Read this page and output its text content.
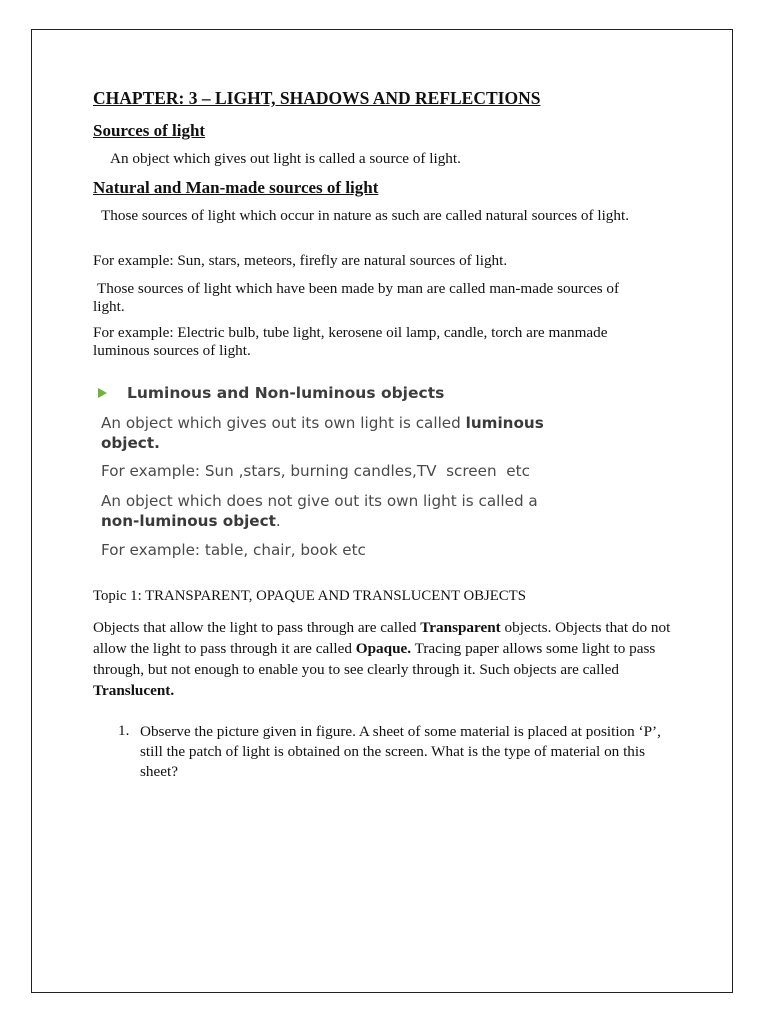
CHAPTER: 3 – LIGHT, SHADOWS AND REFLECTIONS
Sources of light

An object which gives out light is called a source of light.

Natural and Man-made sources of light

Those sources of light which occur in nature as such are called natural sources of light.

For example: Sun, stars, meteors, firefly are natural sources of light.

Those sources of light which have been made by man are called man-made sources of light.

For example: Electric bulb, tube light, kerosene oil lamp, candle, torch are manmade luminous sources of light.

Luminous and Non-luminous objects

An object which gives out its own light is called luminous object.

For example: Sun ,stars, burning candles,TV  screen  etc

An object which does not give out its own light is called a non-luminous object.

For example: table, chair, book etc

Topic 1: TRANSPARENT, OPAQUE AND TRANSLUCENT OBJECTS

Objects that allow the light to pass through are called Transparent objects. Objects that do not allow the light to pass through it are called Opaque. Tracing paper allows some light to pass through, but not enough to enable you to see clearly through it. Such objects are called Translucent.

1. Observe the picture given in figure. A sheet of some material is placed at position ‘P’, still the patch of light is obtained on the screen. What is the type of material on this sheet?
